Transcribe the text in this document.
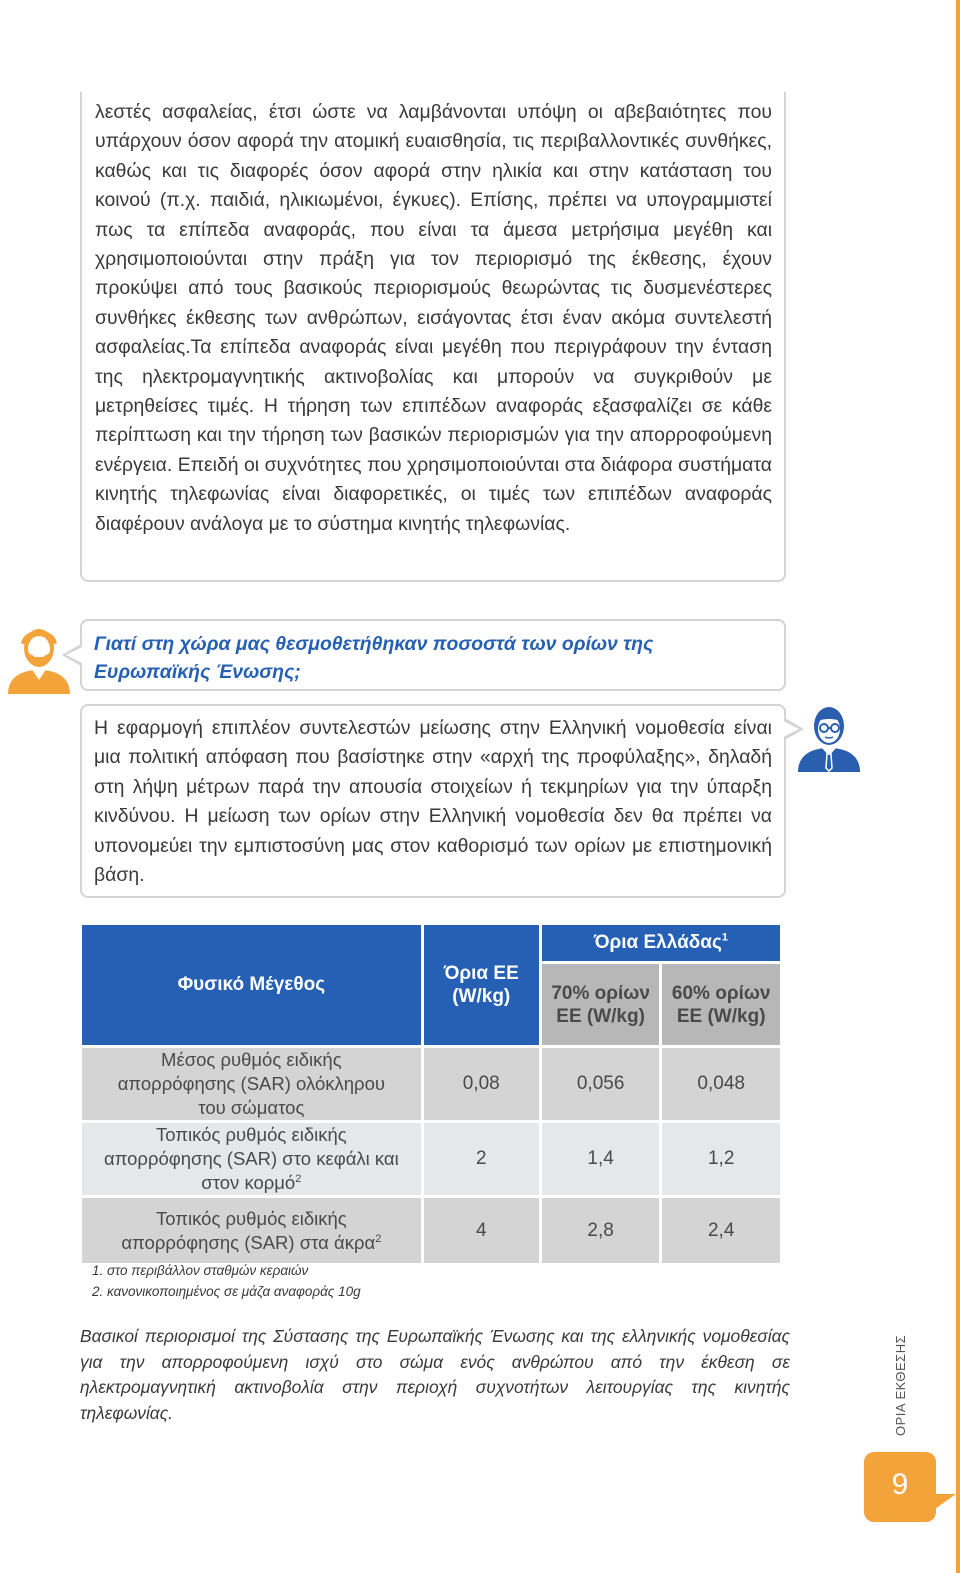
λεστές ασφαλείας, έτσι ώστε να λαμβάνονται υπόψη οι αβεβαιότητες που υπάρχουν όσον αφορά την ατομική ευαισθησία, τις περιβαλλοντικές συνθήκες, καθώς και τις διαφορές όσον αφορά στην ηλικία και στην κατάσταση του κοινού (π.χ. παιδιά, ηλικιωμένοι, έγκυες). Επίσης, πρέπει να υπογραμμιστεί πως τα επίπεδα αναφοράς, που είναι τα άμεσα μετρήσιμα μεγέθη και χρησιμοποιούνται στην πράξη για τον περιορισμό της έκθεσης, έχουν προκύψει από τους βασικούς περιορισμούς θεωρώντας τις δυσμενέστερες συνθήκες έκθεσης των ανθρώπων, εισάγοντας έτσι έναν ακόμα συντελεστή ασφαλείας.Τα επίπεδα αναφοράς είναι μεγέθη που περιγράφουν την ένταση της ηλεκτρομαγνητικής ακτινοβολίας και μπορούν να συγκριθούν με μετρηθείσες τιμές. Η τήρηση των επιπέδων αναφοράς εξασφαλίζει σε κάθε περίπτωση και την τήρηση των βασικών περιορισμών για την απορροφούμενη ενέργεια. Επειδή οι συχνότητες που χρησιμοποιούνται στα διάφορα συστήματα κινητής τηλεφωνίας είναι διαφορετικές, οι τιμές των επιπέδων αναφοράς διαφέρουν ανάλογα με το σύστημα κινητής τηλεφωνίας.

Γιατί στη χώρα μας θεσμοθετήθηκαν ποσοστά των ορίων της Ευρωπαϊκής Ένωσης;

Η εφαρμογή επιπλέον συντελεστών μείωσης στην Ελληνική νομοθεσία είναι μια πολιτική απόφαση που βασίστηκε στην «αρχή της προφύλαξης», δηλαδή στη λήψη μέτρων παρά την απουσία στοιχείων ή τεκμηρίων για την ύπαρξη κινδύνου. Η μείωση των ορίων στην Ελληνική νομοθεσία δεν θα πρέπει να υπονομεύει την εμπιστοσύνη μας στον καθορισμό των ορίων με επιστημονική βάση.

Φυσικό Μέγεθος	Όρια ΕΕ (W/kg)	Όρια Ελλάδας$^1$
		70% ορίων ΕΕ (W/kg)	60% ορίων ΕΕ (W/kg)

Μέσος ρυθμός ειδικής απορρόφησης (SAR) ολόκληρου του σώματος	0,08	0,056	0,048

Τοπικός ρυθμός ειδικής απορρόφησης (SAR) στο κεφάλι και στον κορμό$^2$	2	1,4	1,2

Τοπικός ρυθμός ειδικής απορρόφησης (SAR) στα άκρα$^2$	4	2,8	2,4
1. στο περιβάλλον σταθμών κεραιών
2. κανονικοποιημένος σε μάζα αναφοράς 10g

Βασικοί περιορισμοί της Σύστασης της Ευρωπαϊκής Ένωσης και της ελληνικής νομοθεσίας για την απορροφούμενη ισχύ στο σώμα ενός ανθρώπου από την έκθεση σε ηλεκτρομαγνητική ακτινοβολία στην περιοχή συχνοτήτων λειτουργίας της κινητής τηλεφωνίας.	ΟΡΙΑ ΕΚΘΕΣΗΣ
9
